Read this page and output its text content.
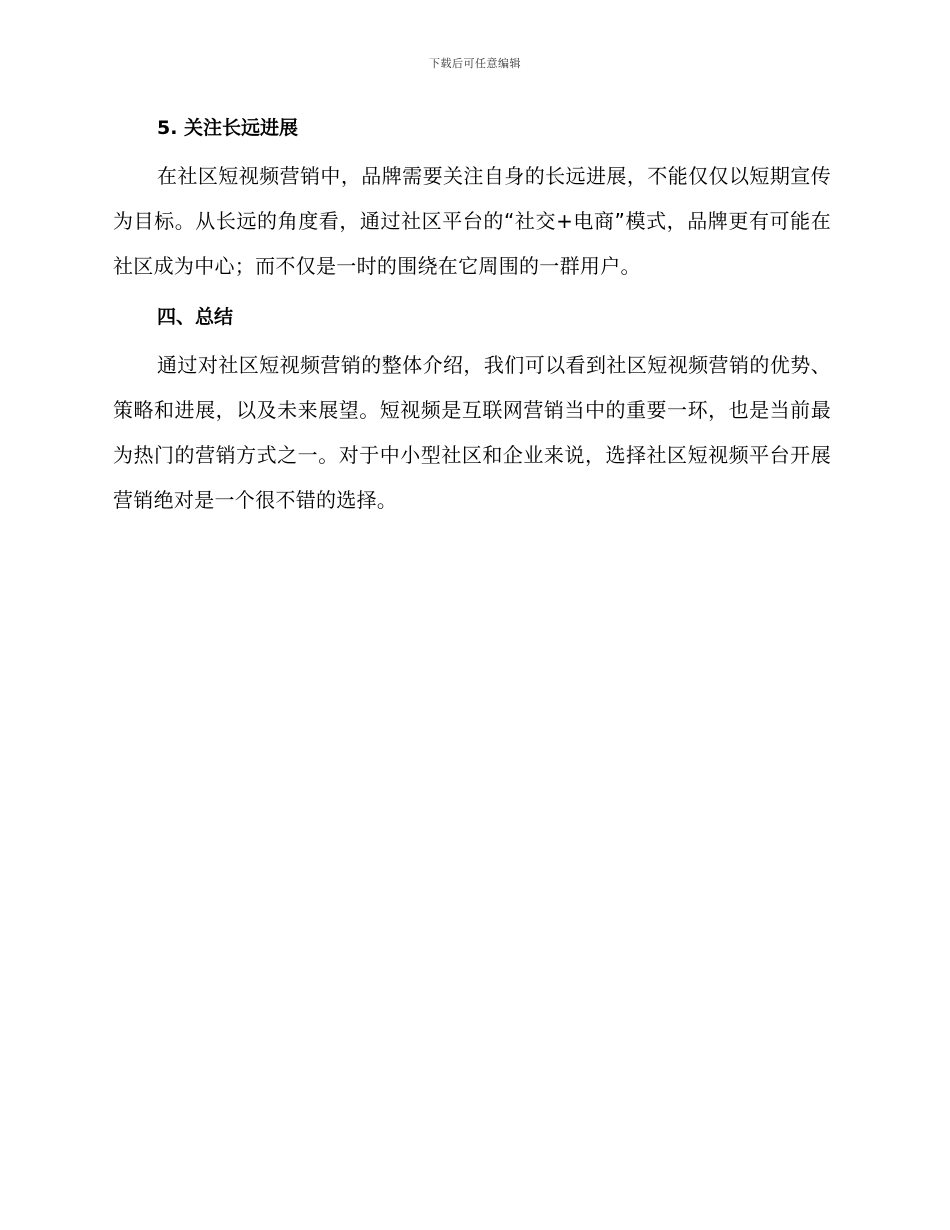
下载后可任意编辑
5. 关注长远进展

在社区短视频营销中，品牌需要关注自身的长远进展，不能仅仅以短期宣传为目标。从长远的角度看，通过社区平台的“社交+电商”模式，品牌更有可能在社区成为中心；而不仅是一时的围绕在它周围的一群用户。

四、总结

通过对社区短视频营销的整体介绍，我们可以看到社区短视频营销的优势、策略和进展，以及未来展望。短视频是互联网营销当中的重要一环，也是当前最为热门的营销方式之一。对于中小型社区和企业来说，选择社区短视频平台开展营销绝对是一个很不错的选择。
